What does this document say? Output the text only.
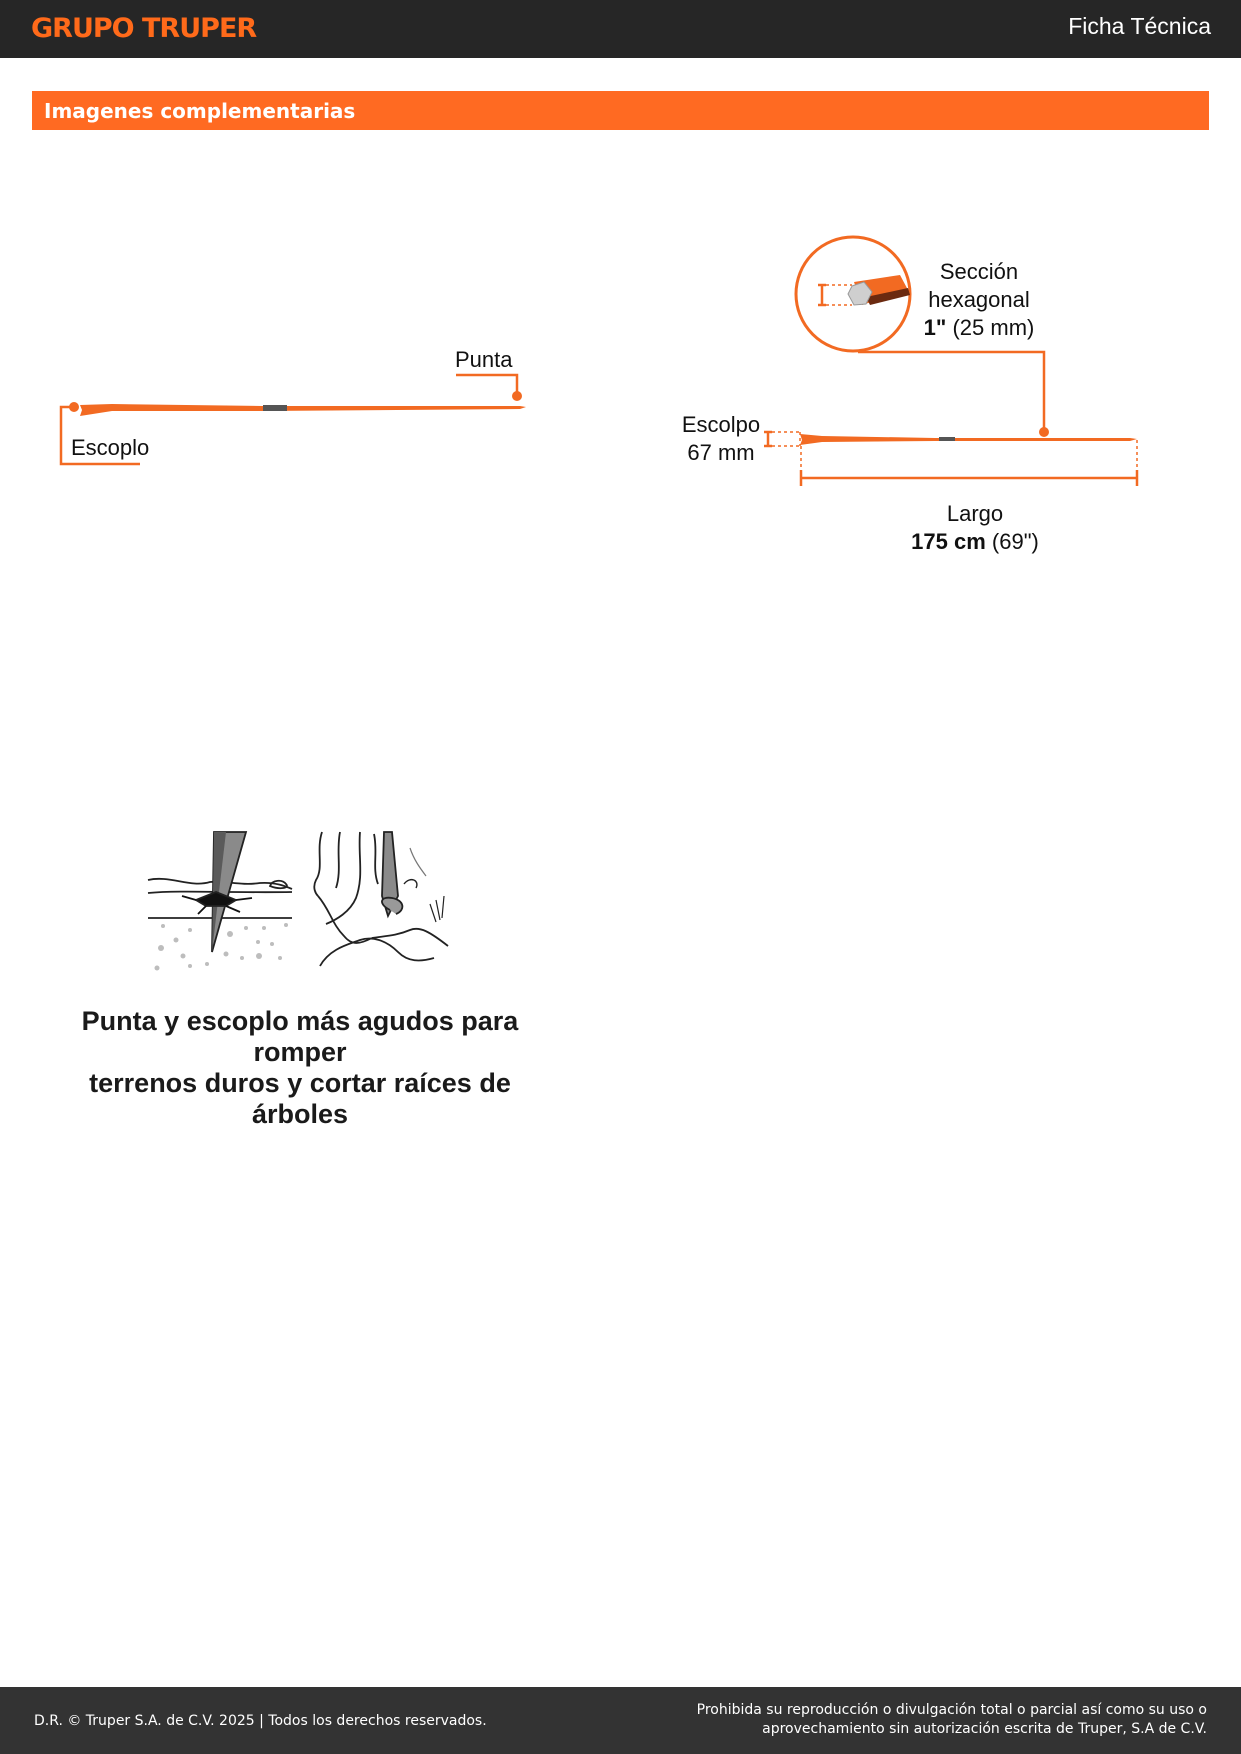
GRUPO TRUPER	Ficha Técnica
Imagenes complementarias
Punta
Escoplo
Sección
hexagonal
1" (25 mm)
Escolpo
67 mm
Largo
175 cm (69")
Punta y escoplo más agudos para romper
terrenos duros y cortar raíces de árboles
D.R. © Truper S.A. de C.V. 2025 | Todos los derechos reservados.
Prohibida su reproducción o divulgación total o parcial así como su uso o
aprovechamiento sin autorización escrita de Truper, S.A de C.V.
